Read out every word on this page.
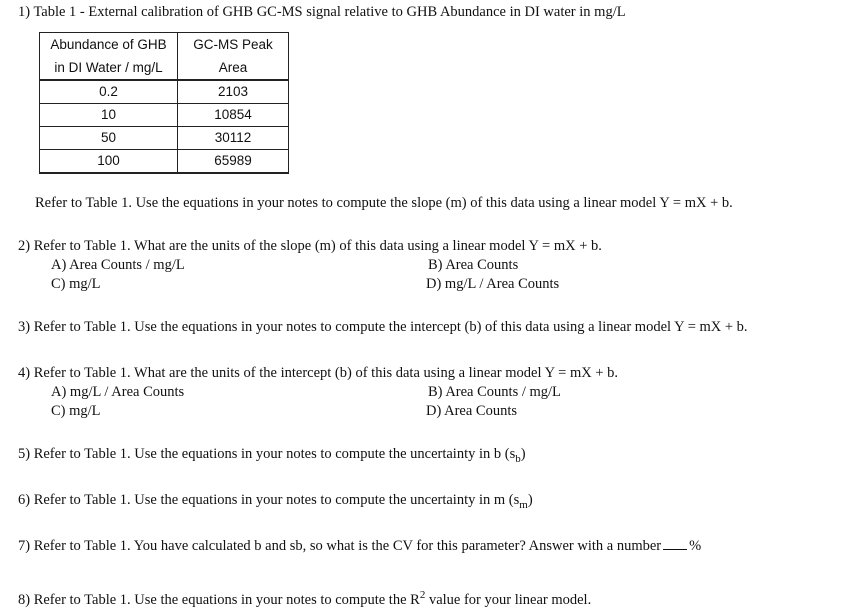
1) Table 1 - External calibration of GHB GC-MS signal relative to GHB Abundance in DI water in mg/L
Abundance of GHB	GC-MS Peak
in DI Water / mg/L	Area
0.2	2103
10	10854
50	30112
100	65989
Refer to Table 1. Use the equations in your notes to compute the slope (m) of this data using a linear model Y = mX + b.
2) Refer to Table 1. What are the units of the slope (m) of this data using a linear model Y = mX + b.
A) Area Counts / mg/L	B) Area Counts
C) mg/L	D) mg/L / Area Counts
3) Refer to Table 1. Use the equations in your notes to compute the intercept (b) of this data using a linear model Y = mX + b.
4) Refer to Table 1. What are the units of the intercept (b) of this data using a linear model Y = mX + b.
A) mg/L / Area Counts	B) Area Counts / mg/L
C) mg/L	D) Area Counts
5) Refer to Table 1. Use the equations in your notes to compute the uncertainty in b $(s_b)$
6) Refer to Table 1. Use the equations in your notes to compute the uncertainty in m $(s_m)$
7) Refer to Table 1. You have calculated b and sb, so what is the CV for this parameter? Answer with a number %
8) Refer to Table 1. Use the equations in your notes to compute the $R^2$ value for your linear model.
